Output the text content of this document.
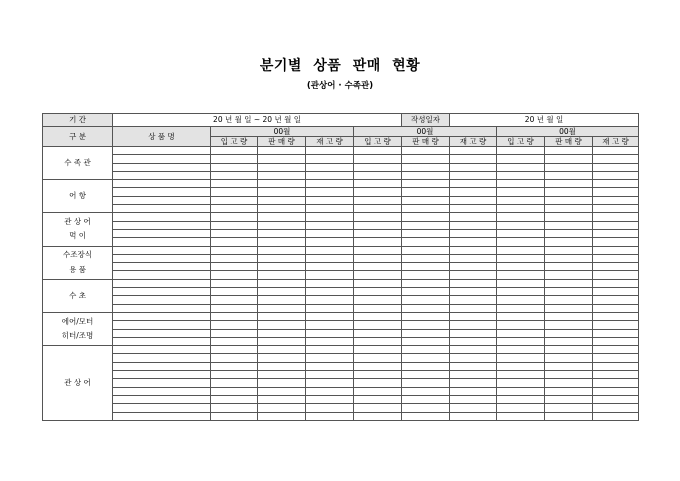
분기별 상품 판매 현황
(관상어 · 수족관)
기 간	20 년 월 일 ~ 20 년 월 일					작성일자	20 년 월 일			
구 분	상 품 명	00월			00월			00월		
		입 고 량	판 매 량	재 고 량	입 고 량	판 매 량	재 고 량	입 고 량	판 매 량	재 고 량

수 족 관										

어 항										

관 상 어
먹 이										

수조장식
용 품										

수 초										

에어/모터
히터/조명										

관 상 어										
